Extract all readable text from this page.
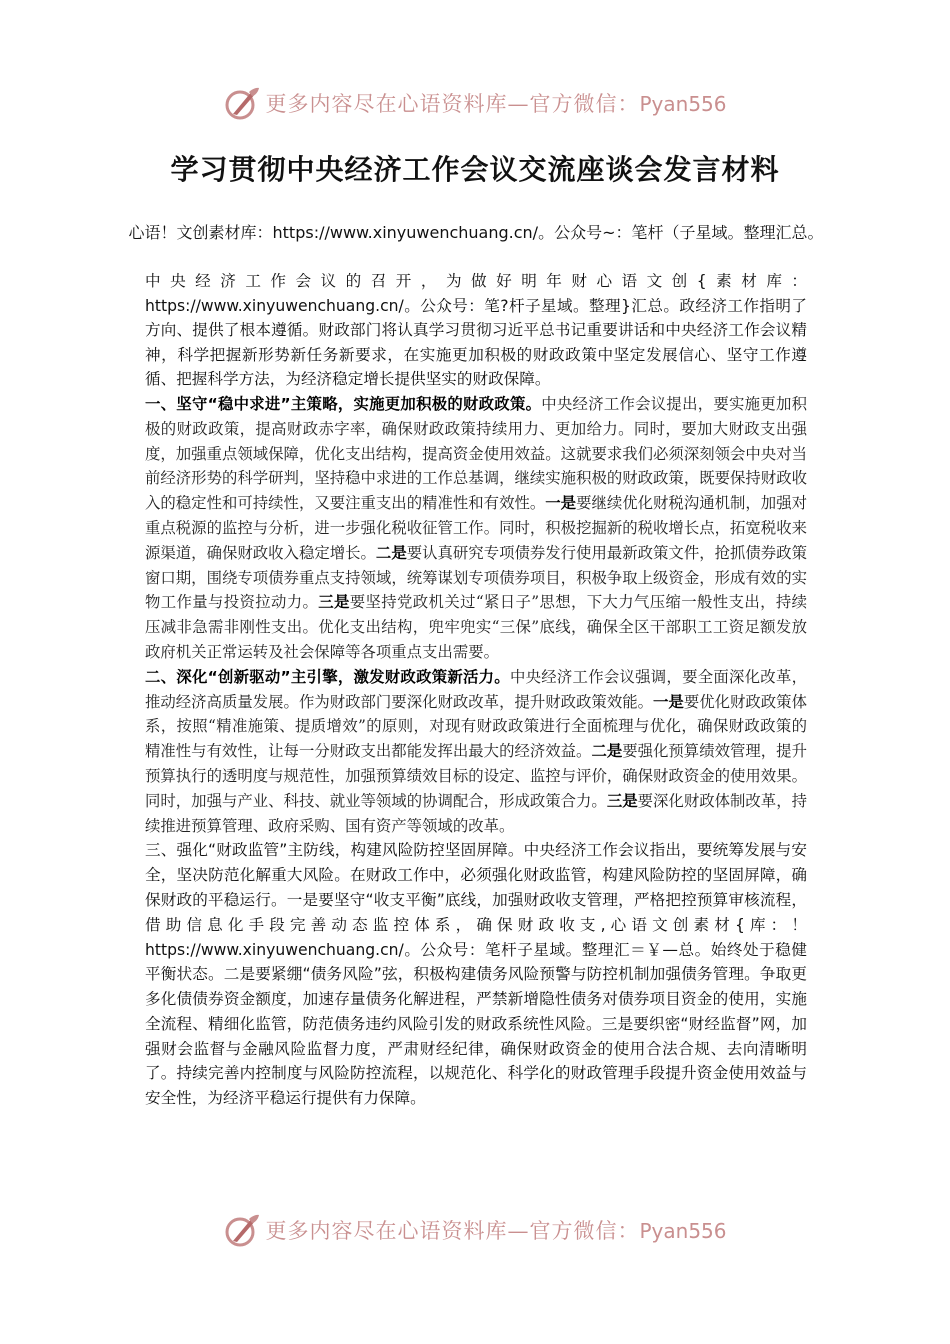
更多内容尽在心语资料库—官方微信：Pyan556
学习贯彻中央经济工作会议交流座谈会发言材料
心语！文创素材库：https://www.xinyuwenchuang.cn/。公众号~：笔杆（子星域。整理汇总。

中央经济工作会议的召开，为做好明年财心语文创{素材库：https://www.xinyuwenchuang.cn/。公众号：笔?杆子星域。整理}汇总。政经济工作指明了方向、提供了根本遵循。财政部门将认真学习贯彻习近平总书记重要讲话和中央经济工作会议精神，科学把握新形势新任务新要求，在实施更加积极的财政政策中坚定发展信心、坚守工作遵循、把握科学方法，为经济稳定增长提供坚实的财政保障。

一、坚守“稳中求进”主策略，实施更加积极的财政政策。中央经济工作会议提出，要实施更加积极的财政政策，提高财政赤字率，确保财政政策持续用力、更加给力。同时，要加大财政支出强度，加强重点领域保障，优化支出结构，提高资金使用效益。这就要求我们必须深刻领会中央对当前经济形势的科学研判，坚持稳中求进的工作总基调，继续实施积极的财政政策，既要保持财政收入的稳定性和可持续性，又要注重支出的精准性和有效性。一是要继续优化财税沟通机制，加强对重点税源的监控与分析，进一步强化税收征管工作。同时，积极挖掘新的税收增长点，拓宽税收来源渠道，确保财政收入稳定增长。二是要认真研究专项债券发行使用最新政策文件，抢抓债券政策窗口期，围绕专项债券重点支持领域，统筹谋划专项债券项目，积极争取上级资金，形成有效的实物工作量与投资拉动力。三是要坚持党政机关过“紧日子”思想，下大力气压缩一般性支出，持续压减非急需非刚性支出。优化支出结构，兜牢兜实“三保”底线，确保全区干部职工工资足额发放政府机关正常运转及社会保障等各项重点支出需要。

二、深化“创新驱动”主引擎，激发财政政策新活力。中央经济工作会议强调，要全面深化改革，推动经济高质量发展。作为财政部门要深化财政改革，提升财政政策效能。一是要优化财政政策体系，按照“精准施策、提质增效”的原则，对现有财政政策进行全面梳理与优化，确保财政政策的精准性与有效性，让每一分财政支出都能发挥出最大的经济效益。二是要强化预算绩效管理，提升预算执行的透明度与规范性，加强预算绩效目标的设定、监控与评价，确保财政资金的使用效果。同时，加强与产业、科技、就业等领域的协调配合，形成政策合力。三是要深化财政体制改革，持续推进预算管理、政府采购、国有资产等领域的改革。

三、强化“财政监管”主防线，构建风险防控坚固屏障。中央经济工作会议指出，要统筹发展与安全，坚决防范化解重大风险。在财政工作中，必须强化财政监管，构建风险防控的坚固屏障，确保财政的平稳运行。一是要坚守“收支平衡”底线，加强财政收支管理，严格把控预算审核流程，借助信息化手段完善动态监控体系，确保财政收支,心语文创素材{库：！https://www.xinyuwenchuang.cn/。公众号：笔杆子星域。整理汇＝￥—总。始终处于稳健平衡状态。二是要紧绷“债务风险”弦，积极构建债务风险预警与防控机制加强债务管理。争取更多化债债券资金额度，加速存量债务化解进程，严禁新增隐性债务对债券项目资金的使用，实施全流程、精细化监管，防范债务违约风险引发的财政系统性风险。三是要织密“财经监督”网，加强财会监督与金融风险监督力度，严肃财经纪律，确保财政资金的使用合法合规、去向清晰明了。持续完善内控制度与风险防控流程，以规范化、科学化的财政管理手段提升资金使用效益与安全性，为经济平稳运行提供有力保障。

更多内容尽在心语资料库—官方微信：Pyan556
